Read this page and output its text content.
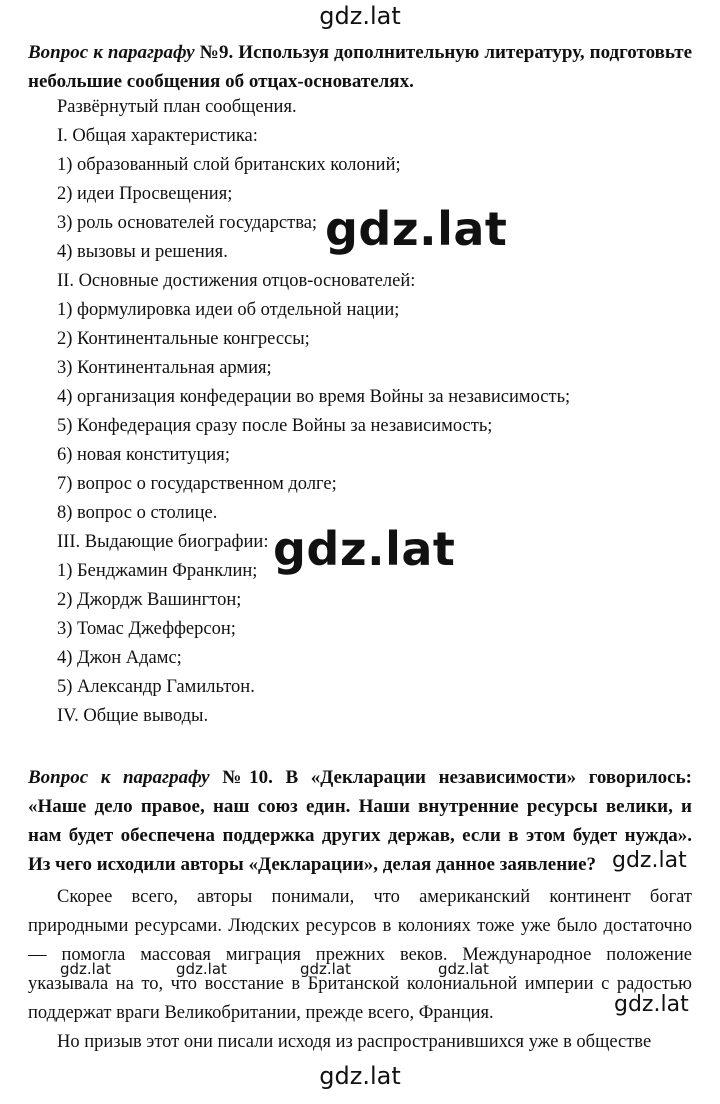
gdz.lat
Вопрос к параграфу №9. Используя дополнительную литературу, подготовьте небольшие сообщения об отцах-основателях.
Развёрнутый план сообщения.
I. Общая характеристика:
1) образованный слой британских колоний;
2) идеи Просвещения;
3) роль основателей государства;
4) вызовы и решения.
II. Основные достижения отцов-основателей:
1) формулировка идеи об отдельной нации;
2) Континентальные конгрессы;
3) Континентальная армия;
4) организация конфедерации во время Войны за независимость;
5) Конфедерация сразу после Войны за независимость;
6) новая конституция;
7) вопрос о государственном долге;
8) вопрос о столице.
III. Выдающие биографии:
1) Бенджамин Франклин;
2) Джордж Вашингтон;
3) Томас Джефферсон;
4) Джон Адамс;
5) Александр Гамильтон.
IV. Общие выводы.
Вопрос к параграфу №10. В «Декларации независимости» говорилось: «Наше дело правое, наш союз един. Наши внутренние ресурсы велики, и нам будет обеспечена поддержка других держав, если в этом будет нужда». Из чего исходили авторы «Декларации», делая данное заявление?

Скорее всего, авторы понимали, что американский континент богат природными ресурсами. Людских ресурсов в колониях тоже уже было достаточно — помогла массовая миграция прежних веков. Международное положение указывала на то, что восстание в Британской колониальной империи с радостью поддержат враги Великобритании, прежде всего, Франция.

Но призыв этот они писали исходя из распространившихся уже в обществе

gdz.lat
gdz.lat
gdz.lat
gdz.lat
gdz.lat	gdz.lat	gdz.lat	gdz.lat
gdz.lat
